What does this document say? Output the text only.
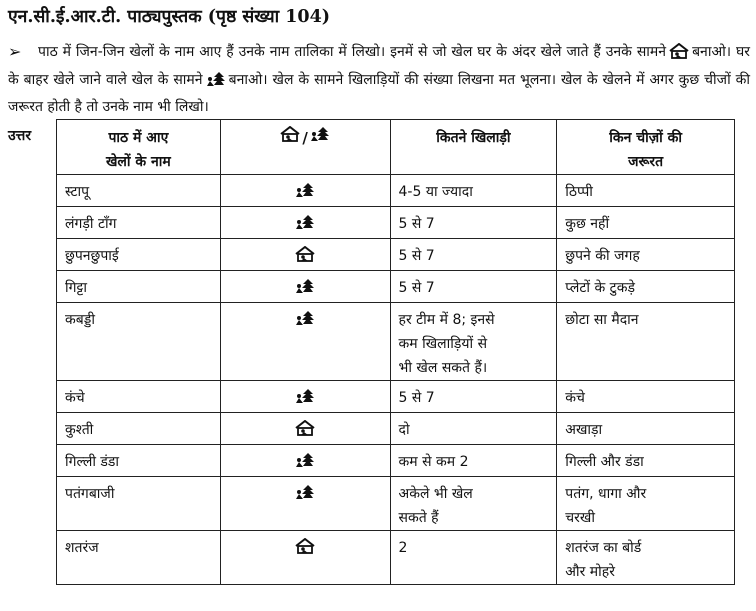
एन.सी.ई.आर.टी. पाठ्यपुस्तक (पृष्ठ संख्या 104)
➢	पाठ में जिन-जिन खेलों के नाम आए हैं उनके नाम तालिका में लिखो। इनमें से जो खेल घर के अंदर खेले जाते हैं उनके सामने बनाओ। घर के बाहर खेले जाने वाले खेल के सामने बनाओ। खेल के सामने खिलाड़ियों की संख्या लिखना मत भूलना। खेल के खेलने में अगर कुछ चीजों की जरूरत होती है तो उनके नाम भी लिखो।
उत्तर	पाठ में आए
खेलों के नाम	/	कितने खिलाड़ी	किन चीज़ों की
जरूरत
स्टापू		4-5 या ज्यादा	ठिप्पी
लंगड़ी टाँग		5 से 7	कुछ नहीं
छुपनछुपाई		5 से 7	छुपने की जगह
गिट्टा		5 से 7	प्लेटों के टुकड़े
कबड्डी		हर टीम में 8; इनसे
कम खिलाड़ियों से
भी खेल सकते हैं।	छोटा सा मैदान
कंचे		5 से 7	कंचे
कुश्ती		दो	अखाड़ा
गिल्ली डंडा		कम से कम 2	गिल्ली और डंडा
पतंगबाजी		अकेले भी खेल
सकते हैं	पतंग, धागा और
चरखी
शतरंज		2	शतरंज का बोर्ड
और मोहरे
